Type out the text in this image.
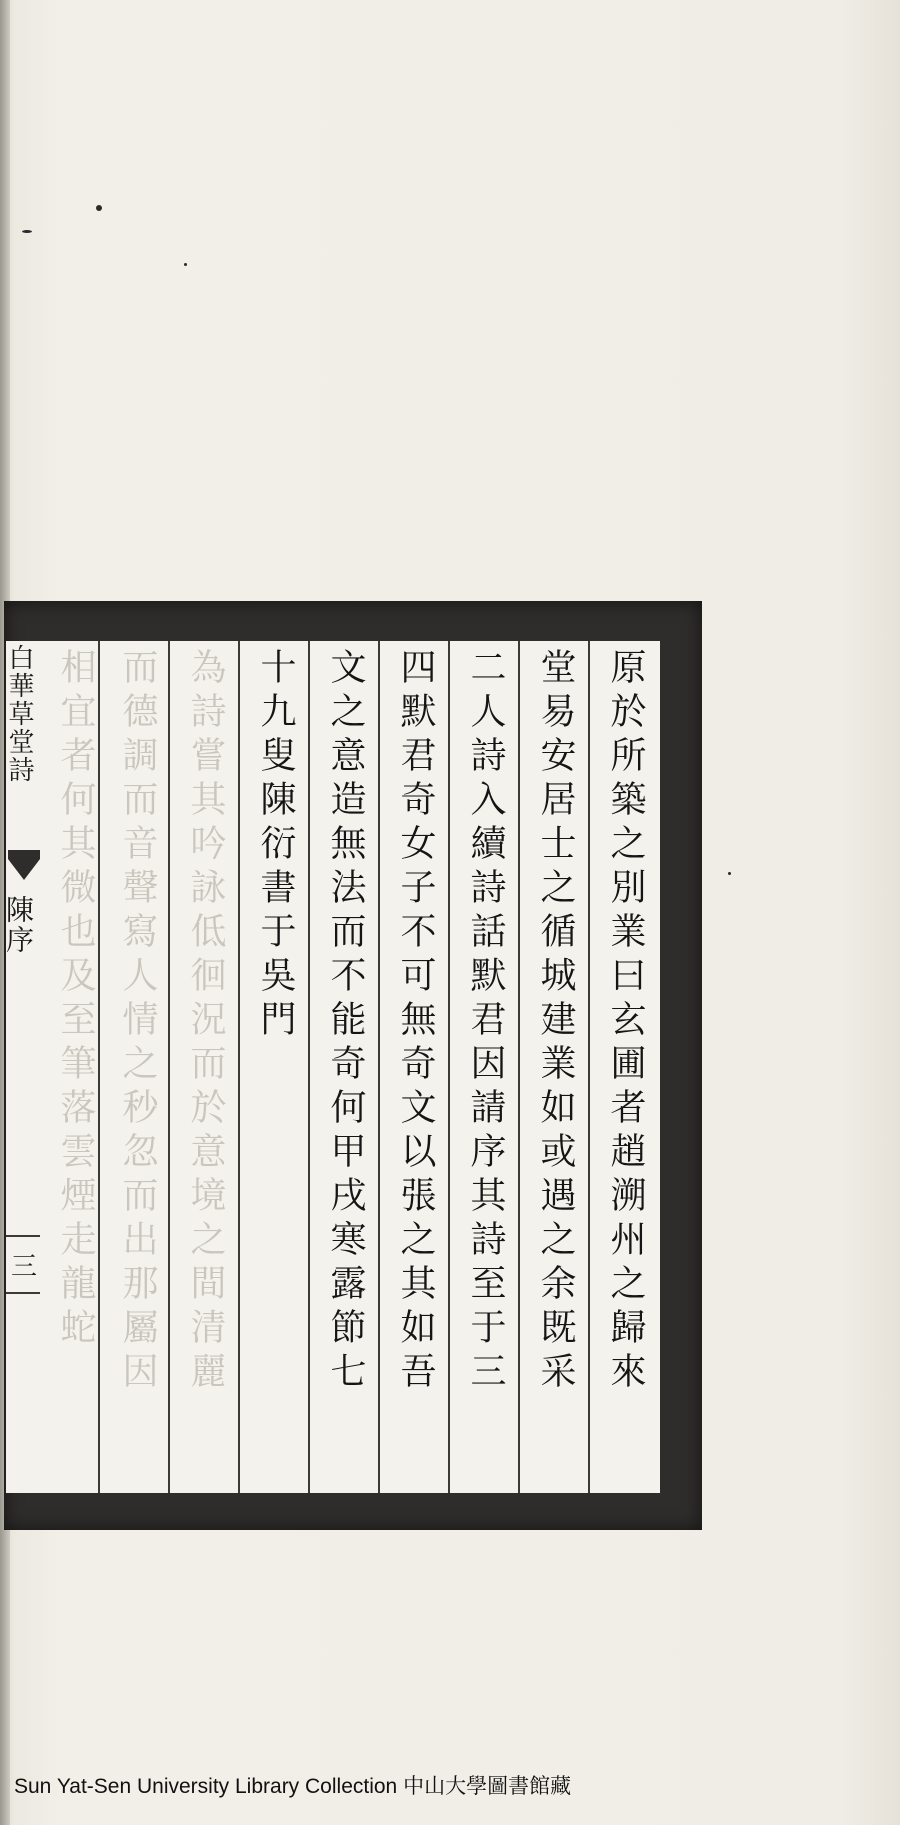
為詩嘗其吟詠低徊況而於意境之間清麗
而德調而音聲寫人情之秒忽而出那屬因
相宜者何其微也及至筆落雲煙走龍蛇	原於所築之別業曰玄圃者趙溯州之歸來
堂易安居士之循城建業如或遇之余既采
二人詩入續詩話默君因請序其詩至于三
四默君奇女子不可無奇文以張之其如吾
文之意造無法而不能奇何甲戌寒露節七
十九叟陳衍書于吳門
白華草堂詩
陳序
三
Sun Yat-Sen University Library Collection 中山大學圖書館藏
